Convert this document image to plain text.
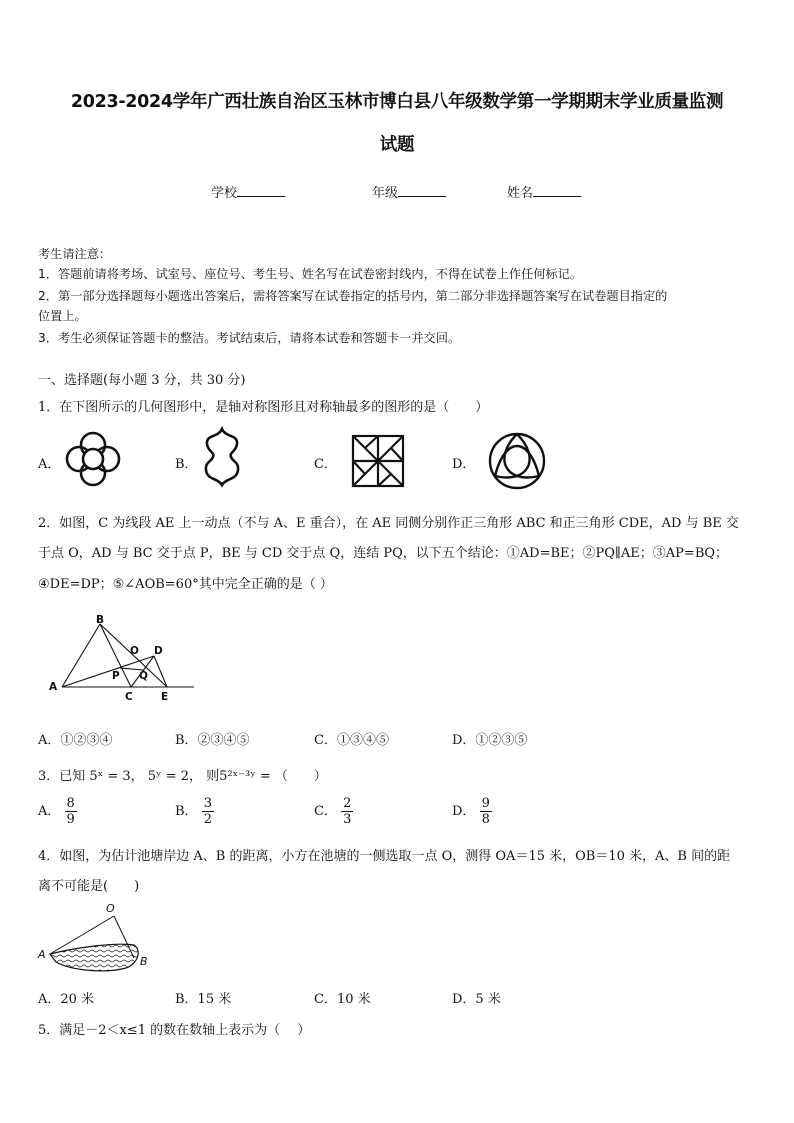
2023-2024学年广西壮族自治区玉林市博白县八年级数学第一学期期末学业质量监测
试题
学校	年级	姓名
考生请注意：
1．答题前请将考场、试室号、座位号、考生号、姓名写在试卷密封线内，不得在试卷上作任何标记。
2．第一部分选择题每小题选出答案后，需将答案写在试卷指定的括号内，第二部分非选择题答案写在试卷题目指定的
位置上。
3．考生必须保证答题卡的整洁。考试结束后，请将本试卷和答题卡一并交回。
一、选择题(每小题 3 分，共 30 分)
1．在下图所示的几何图形中，是轴对称图形且对称轴最多的图形的是（　　）
A．	B．	C．	D．
2．如图，C 为线段 AE 上一动点（不与 A、E 重合），在 AE 同侧分别作正三角形 ABC 和正三角形 CDE，AD 与 BE 交
于点 O，AD 与 BC 交于点 P，BE 与 CD 交于点 Q，连结 PQ，以下五个结论：①AD=BE；②PQ∥AE；③AP=BQ；
④DE=DP；⑤∠AOB=60°其中完全正确的是（ ）
B
O D
P Q
A
C	E
A．①②③④	B．②③④⑤	C．①③④⑤	D．①②③⑤
3．已知 5ˣ = 3， 5ʸ = 2， 则5²ˣ⁻³ʸ = （　　）
A． $\frac{8}{9}$	B． $\frac{3}{2}$	C． $\frac{2}{3}$	D． $\frac{9}{8}$
4．如图，为估计池塘岸边 A、B 的距离，小方在池塘的一侧选取一点 O，测得 OA＝15 米，OB＝10 米，A、B 间的距
离不可能是(　　)
O
A
B
A．20 米	B．15 米	C．10 米	D．5 米
5．满足－2＜x≤1 的数在数轴上表示为（　 ）
